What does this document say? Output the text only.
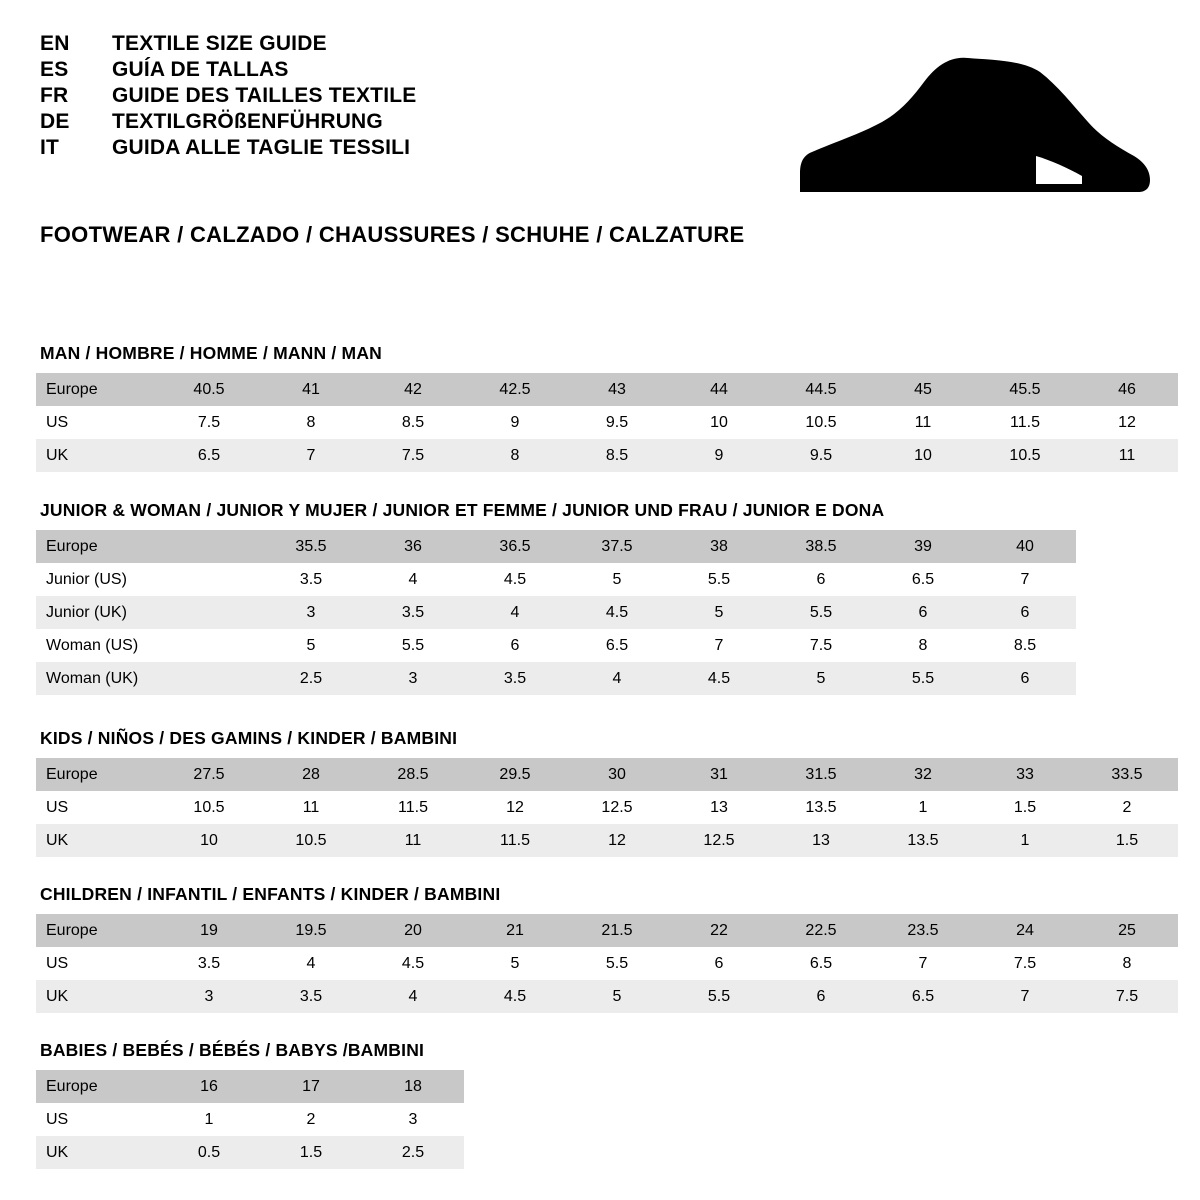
EN	TEXTILE SIZE GUIDE
ES	GUÍA DE TALLAS
FR	GUIDE DES TAILLES TEXTILE
DE	TEXTILGRÖßENFÜHRUNG
IT	GUIDA ALLE TAGLIE TESSILI
FOOTWEAR / CALZADO / CHAUSSURES / SCHUHE / CALZATURE
MAN / HOMBRE / HOMME / MANN / MAN
Europe	40.5	41	42	42.5	43	44	44.5	45	45.5	46
US	7.5	8	8.5	9	9.5	10	10.5	11	11.5	12
UK	6.5	7	7.5	8	8.5	9	9.5	10	10.5	11
JUNIOR & WOMAN / JUNIOR Y MUJER / JUNIOR ET FEMME / JUNIOR UND FRAU / JUNIOR E DONA
Europe		35.5	36	36.5	37.5	38	38.5	39	40
Junior (US)		3.5	4	4.5	5	5.5	6	6.5	7
Junior (UK)		3	3.5	4	4.5	5	5.5	6	6
Woman (US)		5	5.5	6	6.5	7	7.5	8	8.5
Woman (UK)		2.5	3	3.5	4	4.5	5	5.5	6
KIDS / NIÑOS / DES GAMINS / KINDER / BAMBINI
Europe	27.5	28	28.5	29.5	30	31	31.5	32	33	33.5
US	10.5	11	11.5	12	12.5	13	13.5	1	1.5	2
UK	10	10.5	11	11.5	12	12.5	13	13.5	1	1.5
CHILDREN / INFANTIL / ENFANTS / KINDER / BAMBINI
Europe	19	19.5	20	21	21.5	22	22.5	23.5	24	25
US	3.5	4	4.5	5	5.5	6	6.5	7	7.5	8
UK	3	3.5	4	4.5	5	5.5	6	6.5	7	7.5
BABIES / BEBÉS / BÉBÉS / BABYS /BAMBINI
Europe	16	17	18
US	1	2	3
UK	0.5	1.5	2.5
